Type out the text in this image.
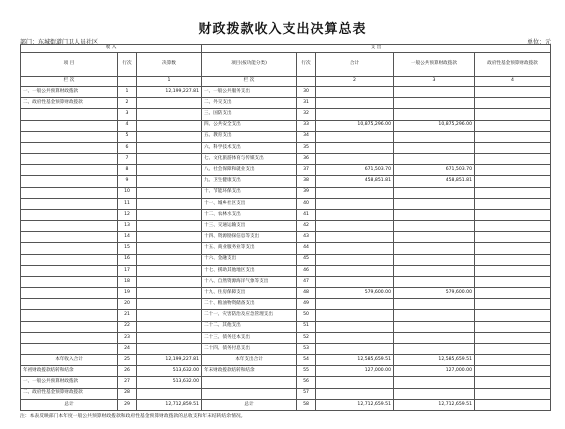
财政拨款收入支出决算总表
部门：东城街道门卫人员社区	单位：元
收 入			支 出				
项 目	行次	决算数	项目(按功能分类)	行次	合计	一般公共预算财政拨款	政府性基金预算财政拨款
栏 次		1	栏 次		2	3	4
一、一般公共预算财政拨款	1	12,199,227.81	一、一般公共服务支出	30			
二、政府性基金预算财政拨款	2		二、外交支出	31			
	3		三、国防支出	32			
	4		四、公共安全支出	33	10,875,296.00	10,875,296.00	
	5		五、教育支出	34			
	6		六、科学技术支出	35			
	7		七、文化旅游体育与传媒支出	36			
	8		八、社会保障和就业支出	37	671,503.70	671,503.70	
	9		九、卫生健康支出	38	458,851.81	458,851.81	
	10		十、节能环保支出	39			
	11		十一、城乡社区支出	40			
	12		十二、农林水支出	41			
	13		十三、交通运输支出	42			
	14		十四、资源勘探信息等支出	43			
	15		十五、商业服务业等支出	44			
	16		十六、金融支出	45			
	17		十七、援助其他地区支出	46			
	18		十八、自然资源海洋气象等支出	47			
	19		十九、住房保障支出	48	579,600.00	579,600.00	
	20		二十、粮油物资储备支出	49			
	21		二十一、灾害防治及应急管理支出	50			
	22		二十二、其他支出	51			
	23		二十三、债务还本支出	52			
	24		二十四、债务付息支出	53			
本年收入合计	25	12,199,227.81	本年支出合计	54	12,585,659.51	12,585,659.51	
年初财政拨款结转和结余	26	513,632.00	年末财政拨款结转和结余	55	127,000.00	127,000.00	
一、一般公共预算财政拨款	27	513,632.00		56			
二、政府性基金预算财政拨款	28			57			
总计	29	12,712,859.51	总计	58	12,712,659.51	12,712,659.51	
注：本表反映部门本年度一般公共预算财政拨款和政府性基金预算财政拨款的总收支和年末结转结余情况。
